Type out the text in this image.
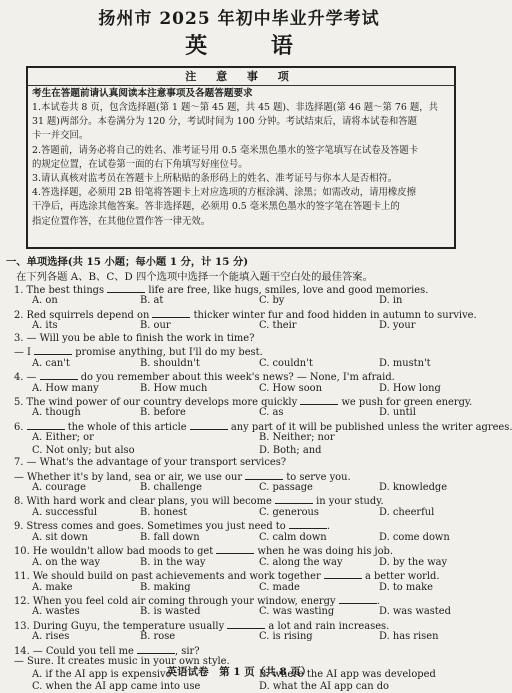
扬州市 2025 年初中毕业升学考试
英 语
注 意 事 项
考生在答题前请认真阅读本注意事项及各题答题要求
1.本试卷共 8 页，包含选择题(第 1 题～第 45 题，共 45 题)、非选择题(第 46 题～第 76 题，共
31 题)两部分。本卷满分为 120 分，考试时间为 100 分钟。考试结束后，请将本试卷和答题
卡一并交回。
2.答题前，请务必将自己的姓名、准考证号用 0.5 毫米黑色墨水的签字笔填写在试卷及答题卡
的规定位置，在试卷第一面的右下角填写好座位号。
3.请认真核对监考员在答题卡上所粘贴的条形码上的姓名、准考证号与你本人是否相符。
4.答选择题，必须用 2B 铅笔将答题卡上对应选项的方框涂满、涂黑；如需改动，请用橡皮擦
干净后，再选涂其他答案。答非选择题，必须用 0.5 毫米黑色墨水的签字笔在答题卡上的
指定位置作答，在其他位置作答一律无效。
一、单项选择(共 15 小题；每小题 1 分，计 15 分)
在下列各题 A、B、C、D 四个选项中选择一个能填入题干空白处的最佳答案。
1. The best things	life are free, like hugs, smiles, love and good memories.
A. on	B. at	C. by	D. in
2. Red squirrels depend on	thicker winter fur and food hidden in autumn to survive.
A. its	B. our	C. their	D. your
3. — Will you be able to finish the work in time?
— I	promise anything, but I'll do my best.
A. can't	B. shouldn't	C. couldn't	D. mustn't
4. —	do you remember about this week's news? — None, I'm afraid.
A. How many	B. How much	C. How soon	D. How long
5. The wind power of our country develops more quickly	we push for green energy.
A. though	B. before	C. as	D. until
6.	the whole of this article	any part of it will be published unless the writer agrees.
A. Either; or	B. Neither; nor
C. Not only; but also	D. Both; and
7. — What's the advantage of your transport services?
— Whether it's by land, sea or air, we use our	to serve you.
A. courage	B. challenge	C. passage	D. knowledge
8. With hard work and clear plans, you will become	in your study.
A. successful	B. honest	C. generous	D. cheerful
9. Stress comes and goes. Sometimes you just need to	.
A. sit down	B. fall down	C. calm down	D. come down
10. He wouldn't allow bad moods to get	when he was doing his job.
A. on the way	B. in the way	C. along the way	D. by the way
11. We should build on past achievements and work together	a better world.
A. make	B. making	C. made	D. to make
12. When you feel cold air coming through your window, energy	.
A. wastes	B. is wasted	C. was wasting	D. was wasted
13. During Guyu, the temperature usually	a lot and rain increases.
A. rises	B. rose	C. is rising	D. has risen
14. — Could you tell me	, sir?
— Sure. It creates music in your own style.
A. if the AI app is expensive	B. where the AI app was developed
C. when the AI app came into use	D. what the AI app can do
英语试卷　第 1 页（共 8 页）
